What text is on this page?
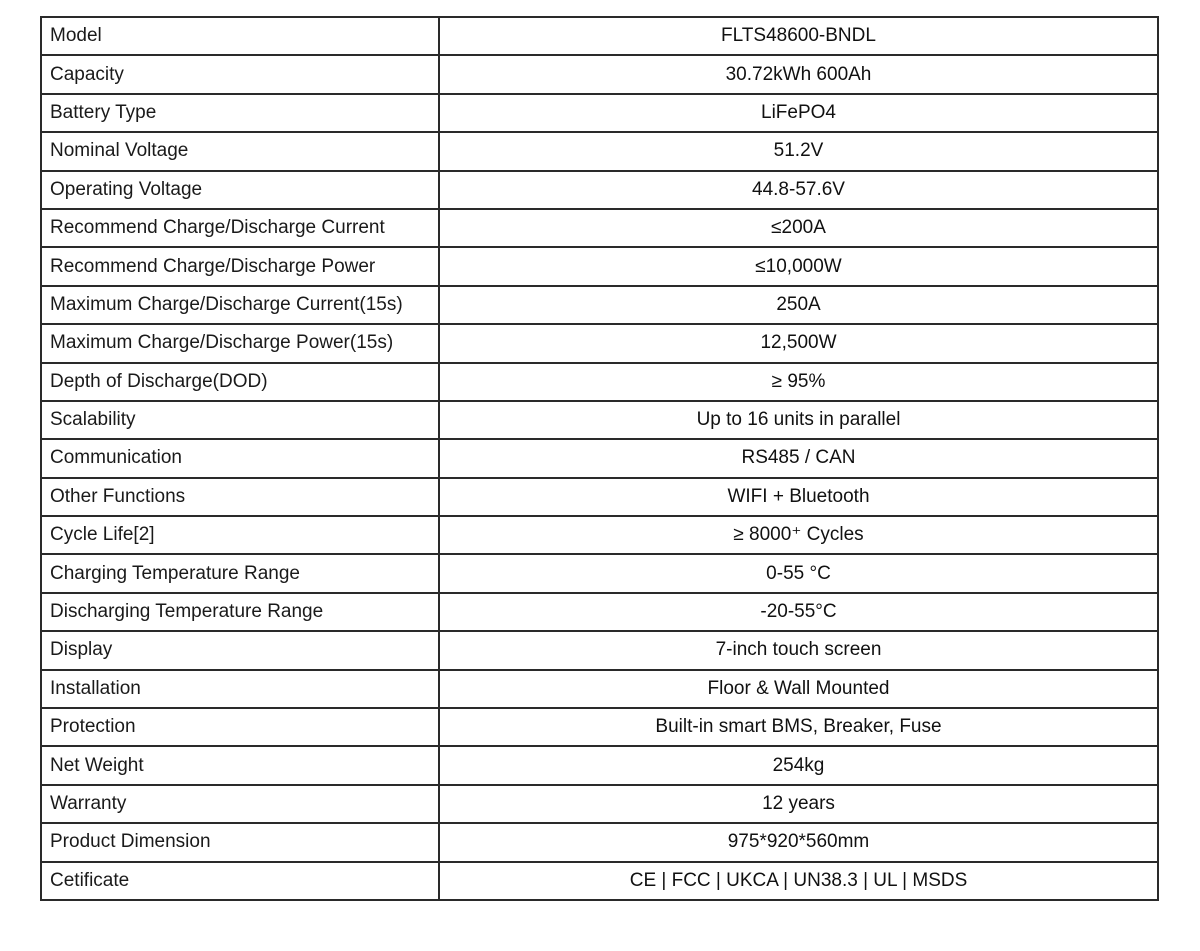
Model	FLTS48600-BNDL
Capacity	30.72kWh 600Ah
Battery Type	LiFePO4
Nominal Voltage	51.2V
Operating Voltage	44.8-57.6V
Recommend Charge/Discharge Current	≤200A
Recommend Charge/Discharge Power	≤10,000W
Maximum Charge/Discharge Current(15s)	250A
Maximum Charge/Discharge Power(15s)	12,500W
Depth of Discharge(DOD)	≥ 95%
Scalability	Up to 16 units in parallel
Communication	RS485 / CAN
Other Functions	WIFI + Bluetooth
Cycle Life[2]	≥ 8000⁺ Cycles
Charging Temperature Range	0-55 °C
Discharging Temperature Range	-20-55°C
Display	7-inch touch screen
Installation	Floor & Wall Mounted
Protection	Built-in smart BMS, Breaker, Fuse
Net Weight	254kg
Warranty	12 years
Product Dimension	975*920*560mm
Cetificate	CE | FCC | UKCA | UN38.3 | UL | MSDS
